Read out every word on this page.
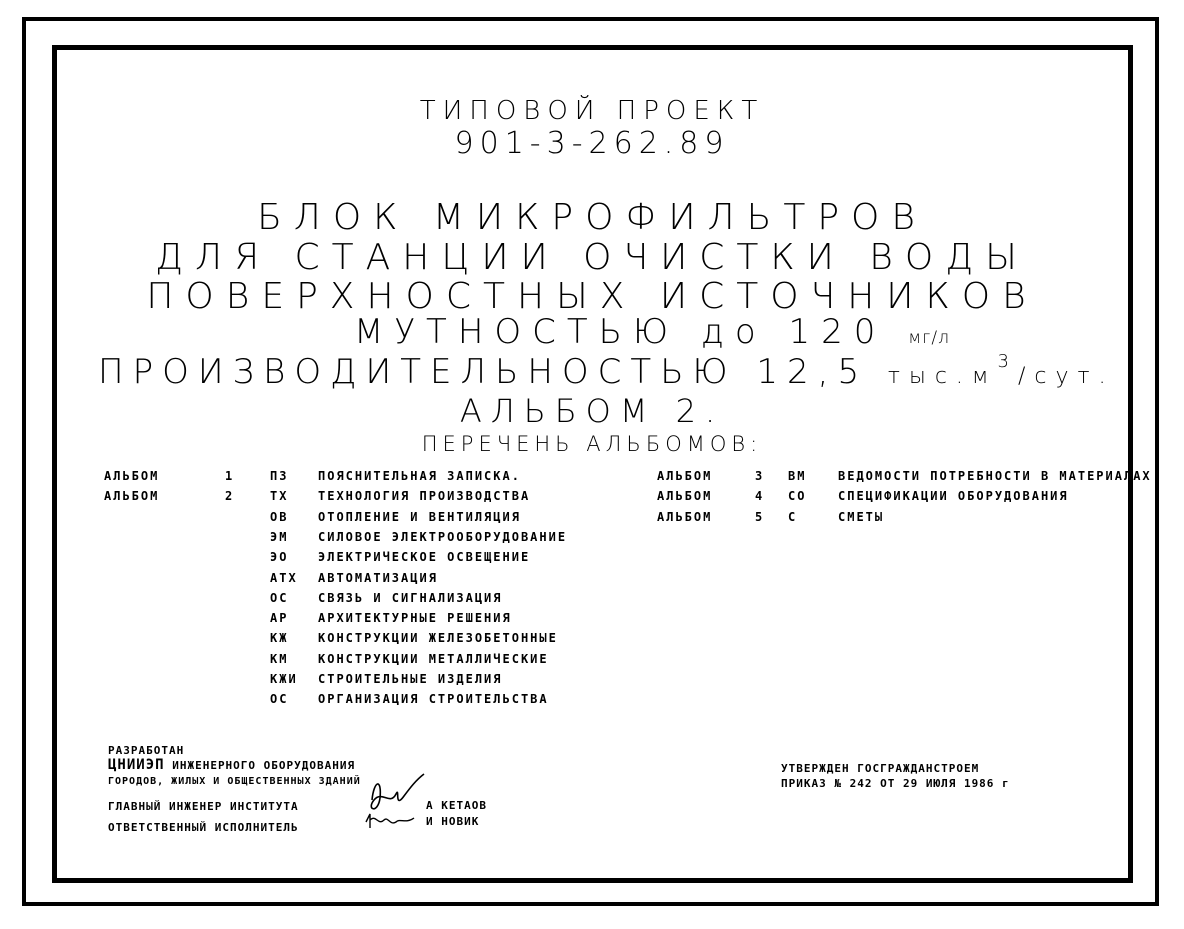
ТИПОВОЙ ПРОЕКТ
901-3-262.89
БЛОК МИКРОФИЛЬТРОВ
ДЛЯ СТАНЦИИ ОЧИСТКИ ВОДЫ
ПОВЕРХНОСТНЫХ ИСТОЧНИКОВ
МУТНОСТЬЮ до 120 мг/л
ПРОИЗВОДИТЕЛЬНОСТЬЮ 12,5 $тыс.м^3$/сут.
АЛЬБОМ 2.
ПЕРЕЧЕНЬ АЛЬБОМОВ:
АЛЬБОМ	1	ПЗ ПОЯСНИТЕЛЬНАЯ ЗАПИСКА.
АЛЬБОМ	2	ТХ ТЕХНОЛОГИЯ ПРОИЗВОДСТВА
ОВ ОТОПЛЕНИЕ И ВЕНТИЛЯЦИЯ
ЭМ СИЛОВОЕ ЭЛЕКТРООБОРУДОВАНИЕ
ЭО ЭЛЕКТРИЧЕСКОЕ ОСВЕЩЕНИЕ
АТХ АВТОМАТИЗАЦИЯ
ОС СВЯЗЬ И СИГНАЛИЗАЦИЯ
АР АРХИТЕКТУРНЫЕ РЕШЕНИЯ
КЖ КОНСТРУКЦИИ ЖЕЛЕЗОБЕТОННЫЕ
КМ КОНСТРУКЦИИ МЕТАЛЛИЧЕСКИЕ
КЖИ СТРОИТЕЛЬНЫЕ ИЗДЕЛИЯ
ОС ОРГАНИЗАЦИЯ СТРОИТЕЛЬСТВА
АЛЬБОМ	3 ВМ	ВЕДОМОСТИ ПОТРЕБНОСТИ В МАТЕРИАЛАХ
АЛЬБОМ	4 СО	СПЕЦИФИКАЦИИ ОБОРУДОВАНИЯ
АЛЬБОМ	5 С	СМЕТЫ
РАЗРАБОТАН
ЦНИИЭП ИНЖЕНЕРНОГО ОБОРУДОВАНИЯ
ГОРОДОВ, ЖИЛЫХ И ОБЩЕСТВЕННЫХ ЗДАНИЙ
ГЛАВНЫЙ ИНЖЕНЕР ИНСТИТУТА	А КЕТАОВ
ОТВЕТСТВЕННЫЙ ИСПОЛНИТЕЛЬ	И НОВИК
УТВЕРЖДЕН ГОСГРАЖДАНСТРОЕМ
ПРИКАЗ № 242 ОТ 29 ИЮЛЯ 1986 г
